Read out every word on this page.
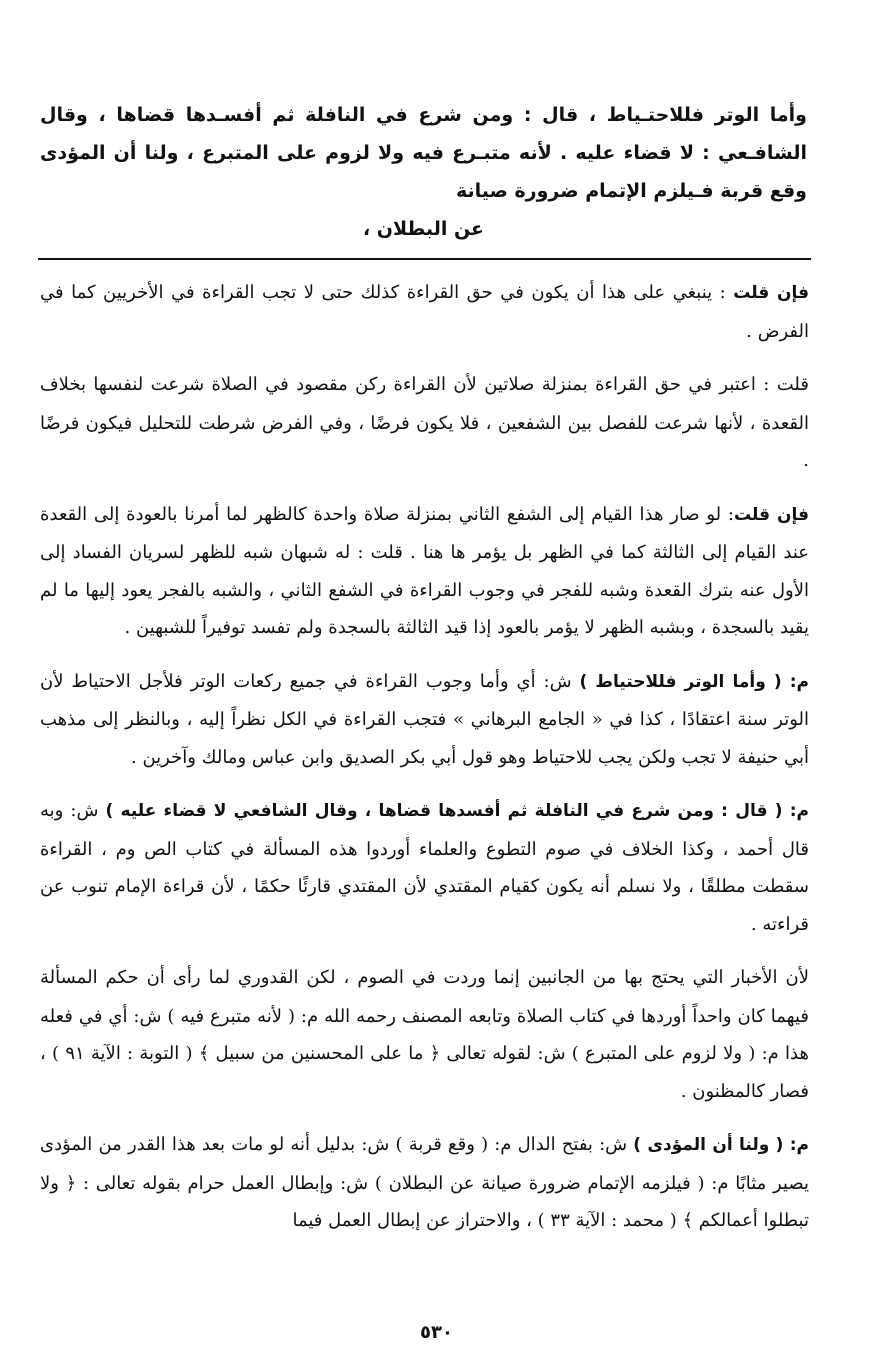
وأما الوتر فللاحتـياط ، قال : ومن شرع في النافلة ثم أفسـدها قضاها ، وقال الشافـعي : لا قضاء عليه . لأنه متبـرع فيه ولا لزوم على المتبرع ، ولنا أن المؤدى وقع قربة فـيلزم الإتمام ضرورة صيانة
عن البطلان ،

فإن قلت : ينبغي على هذا أن يكون في حق القراءة كذلك حتى لا تجب القراءة في الأخريين كما في الفرض .

قلت : اعتبر في حق القراءة بمنزلة صلاتين لأن القراءة ركن مقصود في الصلاة شرعت لنفسها بخلاف القعدة ، لأنها شرعت للفصل بين الشفعين ، فلا يكون فرضًا ، وفي الفرض شرطت للتحليل فيكون فرضًا .

فإن قلت: لو صار هذا القيام إلى الشفع الثاني بمنزلة صلاة واحدة كالظهر لما أمرنا بالعودة إلى القعدة عند القيام إلى الثالثة كما في الظهر بل يؤمر ها هنا . قلت : له شبهان شبه للظهر لسريان الفساد إلى الأول عنه بترك القعدة وشبه للفجر في وجوب القراءة في الشفع الثاني ، والشبه بالفجر يعود إليها ما لم يقيد بالسجدة ، وبشبه الظهر لا يؤمر بالعود إذا قيد الثالثة بالسجدة ولم تفسد توفيراً للشبهين .

م: ( وأما الوتر فللاحتياط ) ش: أي وأما وجوب القراءة في جميع ركعات الوتر فلأجل الاحتياط لأن الوتر سنة اعتقادًا ، كذا في « الجامع البرهاني » فتجب القراءة في الكل نظراً إليه ، وبالنظر إلى مذهب أبي حنيفة لا تجب ولكن يجب للاحتياط وهو قول أبي بكر الصديق وابن عباس ومالك وآخرين .

م: ( قال : ومن شرع في النافلة ثم أفسدها قضاها ، وقال الشافعي لا قضاء عليه ) ش: وبه قال أحمد ، وكذا الخلاف في صوم التطوع والعلماء أوردوا هذه المسألة في كتاب الص وم ، القراءة سقطت مطلقًا ، ولا نسلم أنه يكون كقيام المقتدي لأن المقتدي قارئًا حكمًا ، لأن قراءة الإمام تنوب عن قراءته .

لأن الأخبار التي يحتج بها من الجانبين إنما وردت في الصوم ، لكن القدوري لما رأى أن حكم المسألة فيهما كان واحداً أوردها في كتاب الصلاة وتابعه المصنف رحمه الله م: ( لأنه متبرع فيه ) ش: أي في فعله هذا م: ( ولا لزوم على المتبرع ) ش: لقوله تعالى ﴿ ما على المحسنين من سبيل ﴾ ( التوبة : الآية ٩١ ) ، فصار كالمظنون .

م: ( ولنا أن المؤدى ) ش: بفتح الدال م: ( وقع قربة ) ش: بدليل أنه لو مات بعد هذا القدر من المؤدى يصير مثابًا م: ( فيلزمه الإتمام ضرورة صيانة عن البطلان ) ش: وإبطال العمل حرام بقوله تعالى : ﴿ ولا تبطلوا أعمالكم ﴾ ( محمد : الآية ٣٣ ) ، والاحتراز عن إبطال العمل فيما

٥٣٠
